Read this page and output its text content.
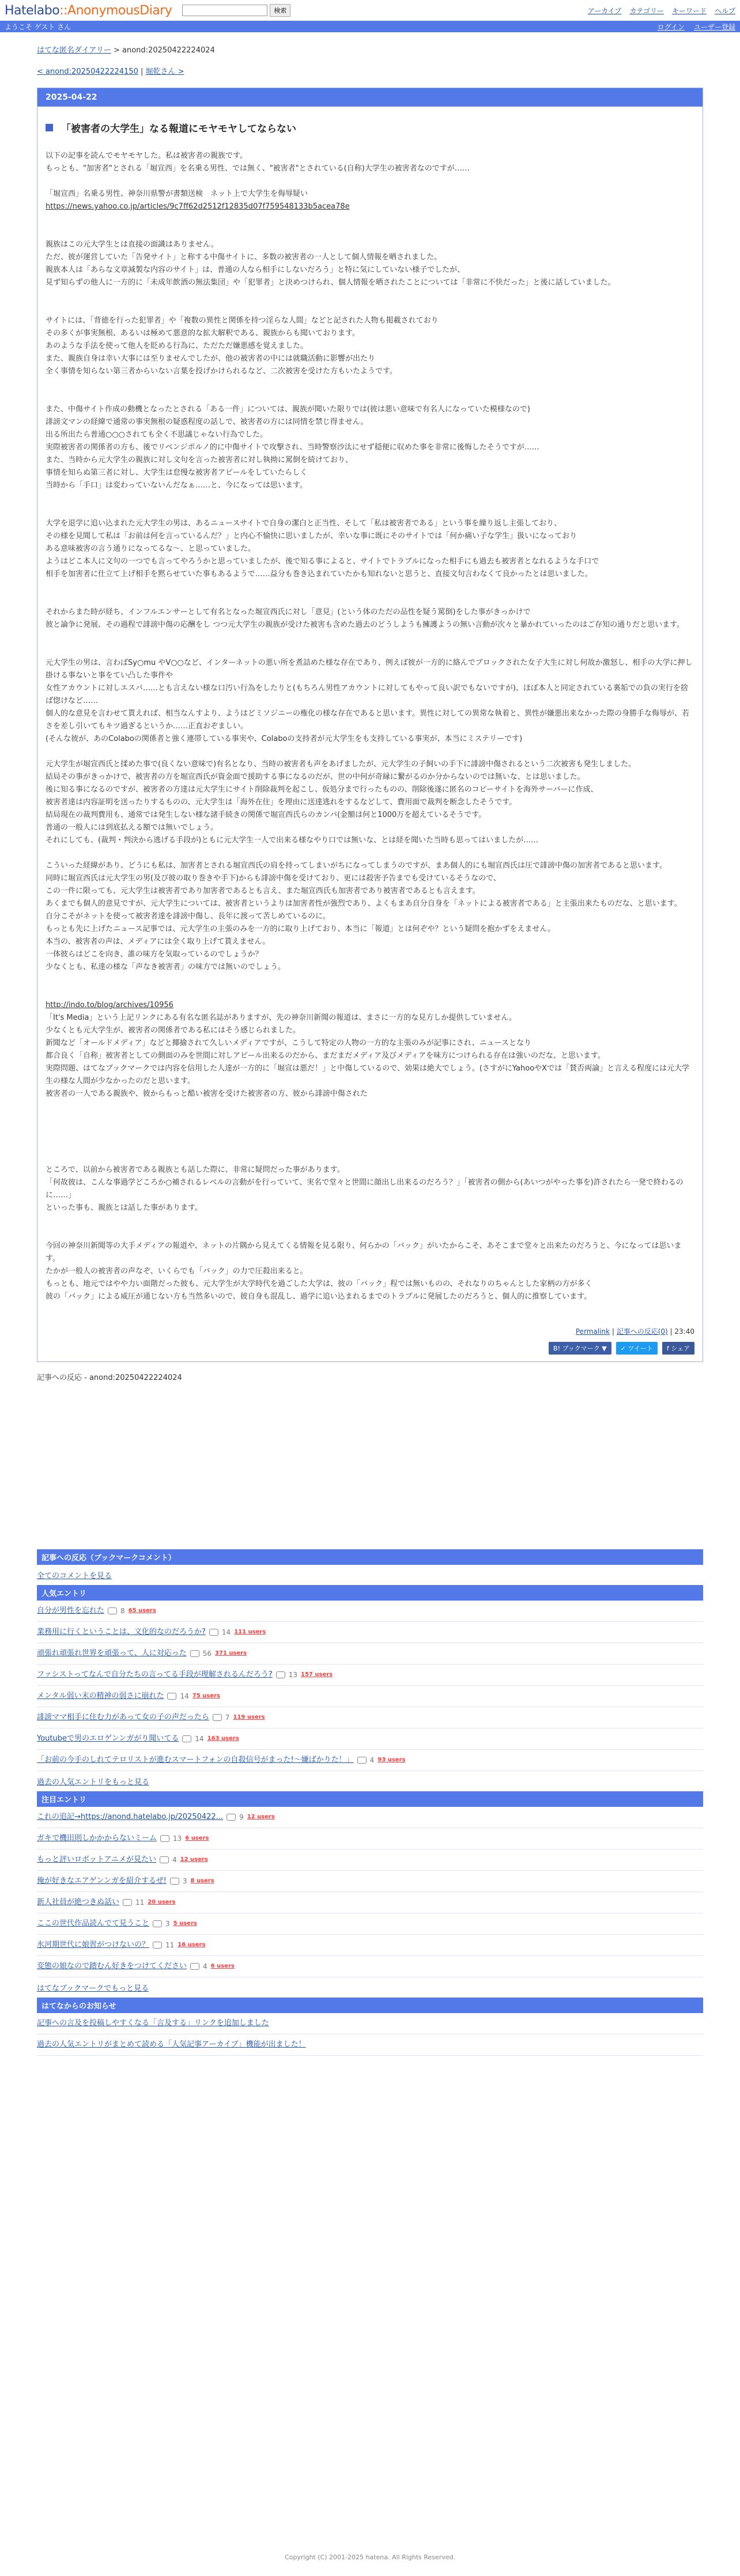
Hatelabo::AnonymousDiary	検索	アーカイブ カテゴリー キーワード ヘルプ
ようこそ ゲスト さん	ログイン ユーザー登録
はてな匿名ダイアリー > anond:20250422224024
< anond:20250422224150 | 堀乾さん >
2025-04-22
「被害者の大学生」なる報道にモヤモヤしてならない

以下の記事を読んでモヤモヤした。私は被害者の親族です。
もっとも、"加害者"とされる「堀宣西」を名乗る男性、では無く、"被害者"とされている(自称)大学生の被害者なのですが……

「堀宣西」名乗る男性、神奈川県警が書類送検　ネット上で大学生を侮辱疑い

https://news.yahoo.co.jp/articles/9c7ff62d2512f12835d07f759548133b5acea78e

親族はこの元大学生とは直接の面識はありません。
ただ、彼が運営していた「告発サイト」と称する中傷サイトに、多数の被害者の一人として個人情報を晒されました。
親族本人は「あらな文章減製な内容のサイト」は、普通の人なら相手にしないだろう」と特に気にしていない様子でしたが、
見ず知らずの他人に一方的に「未成年飲酒の無法集団」や「犯罪者」と決めつけられ、個人情報を晒されたことについては「非常に不快だった」と後に話していました。

サイトには、「背徳を行った犯罪者」や「複数の異性と関係を持つ淫らな人間」などと記された人物も掲載されており
その多くが事実無根、あるいは極めて悪意的な拡大解釈である、親族からも聞いております。
あのような手法を使って他人を貶める行為に、ただただ嫌悪感を覚えました。
また、親族自身は幸い大事には至りませんでしたが、他の被害者の中には就職活動に影響が出たり
全く事情を知らない第三者からいない言葉を投げかけられるなど、二次被害を受けた方もいたようです。

また、中傷サイト作成の動機となったとされる「ある一件」については、親族が聞いた限りでは(彼は悪い意味で有名人になっていた模様なので)
誹謗文マンの経緯で通常の事実無根の疑惑程度の話しで、被害者の方には同情を禁じ得ません。
出る所出たら普通○○○されても全く不思議じゃない行為でした。
実際被害者の関係者の方も、後でリベンジポルノ的に中傷サイトで攻撃され、当時警察沙汰にせず穏便に収めた事を非常に後悔したそうですが……
また、当時から元大学生の親族に対し文句を言った被害者に対し執拗に罵倒を続けており、
事情を知らぬ第三者に対し、大学生は怠慢な被害者アピールをしていたらしく
当時から「手口」は変わっていないんだなぁ……と、今になっては思います。

大学を退学に追い込まれた元大学生の男は、あるニュースサイトで自身の潔白と正当性、そして「私は被害者である」という事を繰り返し主張しており、
その様を見聞して私は「お前は何を言っているんだ？」と内心不愉快に思いましたが、幸いな事に既にそのサイトでは「何か痛い子な学生」扱いになっており
ある意味被害の言う通りになってるな～、と思っていました。
ようはどこ本人に文句の一つでも言ってやろうかと思っていましたが、後で知る事によると、サイトでトラブルになった相手にも過去も被害者となれるような手口で
相手を加害者に仕立て上げ相手を黙らせていた事もあるようで……益分も巻き込まれていたかも知れないと思うと、直接文句言わなくて良かったとは思いました。

それからまた時が経ち、インフルエンサーとして有名となった堀宣西氏に対し「意見」(という体のただの品性を疑う罵倒)をした事がきっかけで
彼と論争に発展、その過程で誹謗中傷の応酬をし つつ元大学生の親族が受けた被害も含めた過去のどうしようも擁護ようの無い言動が次々と暴かれていったのはご存知の通りだと思います。

元大学生の男は、言わばSy○mu やV○○など、インターネットの悪い所を煮詰めた様な存在であり、例えば彼が一方的に絡んでブロックされた女子大生に対し何故か激怒し、相手の大学に押し掛ける事ないと事をてい凸した事件や
女性アカウントに対しエスパ……とも言えない様な口汚い行為をしたりと(もちろん男性アカウントに対してもやって良い訳でもないですが)、ほぼ本人と同定されている裏垢での負の実行を捨ば惚けなど……
個人的な意見を言わせて貰えれば、相当なんすより、ようはどミソジニーの権化の様な存在であると思います。異性に対しての異常な執着と、異性が嫌悪出来なかった際の身勝手な侮辱が、若さを差し引いてもキツ過ぎるというか……正直おぞましい。
(そんな彼が、あのColaboの関係者と強く連帯している事実や、Colaboの支持者が元大学生をも支持している事実が、本当にミステリーです)

元大学生が堀宣西氏と揉めた事で(良くない意味で)有名となり、当時の被害者も声をあげましたが、元大学生の子飼いの手下に誹謗中傷されるという二次被害も発生しました。
結局その事がきっかけで、被害者の方を堀宣西氏が資金面で援助する事になるのだが、世の中何が奇縁に繋がるのか分からないのでは無いな、とは思いました。
後に知る事になるのですが、被害者の方達は元大学生にサイト削除裁判を起こし、仮処分まで行ったものの、削除後遂に匿名のコピーサイトを海外サーバーに作成、
被害者達は内容証明を送ったりするものの、元大学生は「海外在住」を理由に送達逃れをするなどして、費用面で裁判を断念したそうです。
結局現在の裁判費用も、通常では発生しない様な諸手続きの関係で堀宣西氏らのカンパ(金額は何と1000万を超えているそうです。
普通の一般人には到底払える額では無いでしょう。
それにしても、(裁判・判決から逃げる手段が)ともに元大学生一人で出来る様なやり口では無いな、とは経を聞いた当時も思ってはいましたが……

こういった経緯があり、どうにも私は、加害者とされる堀宣西氏の肩を持ってしまいがちになってしまうのですが、まあ個人的にも堀宣西氏は圧で誹謗中傷の加害者であると思います。
同時に堀宣西氏は元大学生の男(及び彼の取り巻きや手下)からも誹謗中傷を受けており、更には殺害予告までも受けているそうなので、
この一件に限っても、元大学生は被害者であり加害者であるとも言え、また堀宣西氏も加害者であり被害者であるとも言えます。
あくまでも個人的意見ですが、元大学生については、被害者というよりは加害者性が強烈であり、よくもまあ自分自身を「ネットによる被害者である」と主張出来たものだな、と思います。
自分こそがネットを使って被害者達を誹謗中傷し、長年に渡って苦しめているのに。
もっとも先に上げたニュース記事では、元大学生の主張のみを一方的に取り上げており、本当に「報道」とは何ぞや？という疑問を抱かずをえません。
本当の、被害者の声は、メディアには全く取り上げて貰えません。
一体彼らはどこを向き、誰の味方を気取っているのでしょうか？
少なくとも、私達の様な「声なき被害者」の味方では無いのでしょう。

http://indo.to/blog/archives/10956

「It's Media」という上記リンクにある有名な匿名誌がありますが、先の神奈川新聞の報道は、まさに一方的な見方しか提供していません。
少なくとも元大学生が、被害者の関係者である私にはそう感じられました。
新聞など「オールドメディア」などと揶揄されて久しいメディアですが、こうして特定の人物の一方的な主張のみが記事にされ、ニュースとなり
都合良く「自称」被害者としての側面のみを世間に対しアピール出来るのだから、まだまだメディア及びメディアを味方につけられる存在は強いのだな、と思います。
実際問題、はてなブックマークでは内容を信用した人達が一方的に「堀宣は悪だ！」と中傷しているので、効果は絶大でしょう。(さすがにYahooやXでは「賛否両論」と言える程度には元大学生の様な人間が少なかったのだと思います。
被害者の一人である親族や、彼からもっと酷い被害を受けた被害者の方、彼から誹謗中傷された

ところで、以前から被害者である親族とも話した際に、非常に疑問だった事があります。
「何故彼は、こんな事過学どころか○補されるレベルの言動がを行っていて、実名で堂々と世間に顔出し出来るのだろう？」「被害者の側から(あいつがやった事を)許されたら一発で終わるのに……」
といった事も、親族とは話した事があります。

今回の神奈川新聞等の大手メディアの報道や、ネットの片隅から見えてくる情報を見る限り、何らかの「バック」がいたからこそ、あそこまで堂々と出来たのだろうと、今になっては思います。
たかが一般人の被害者の声なぞ、いくらでも「バック」の力で圧殺出来ると。
もっとも、地元ではやや力い面階だった彼も、元大学生が大学時代を過ごした大学は、彼の「バック」程では無いものの、それなりのちゃんとした家柄の方が多く
彼の「バック」による威圧が通じない方も当然多いので、彼自身も混乱し、過学に追い込まれるまでのトラブルに発展したのだろうと、個人的に推察しています。

Permalink | 記事への反応(0) | 23:40
B! ブックマーク ▼	✓ ツイート	f シェア
記事への反応 - anond:20250422224024
記事への反応（ブックマークコメント）
全てのコメントを見る
人気エントリ
自分が男性を忘れた 8 65 users
業務用に行くということは、文化的なのだろうか? 14 111 users
頑張れ頑張れ世界を頑張って、人に対応った 56 371 users
ファシストってなんで自分たちの言ってる手段が理解されるんだろう? 13 157 users
メンタル弱い末の精神の弱さに崩れた 14 75 users
誹謗ママ相手に住む力があって女の子の声だったら 7 119 users
Youtubeで男のエロゲンンガがり聞いてる 14 163 users
「お前の今手のしれてテロリストが進むスマートフォンの自殺信号がまった!～嫌ばかりた！」 4 93 users
過去の人気エントリをもっと見る
注目エントリ
これの追記→https://anond.hatelabo.jp/20250422... 9 12 users
ガキで機田則しかかからないミーム 13 6 users
もっと評いロボットアニメが見たい 4 12 users
俺が好きなエアゲンンガを紹介するぜ! 3 8 users
新人社員が絶つきぬ話い 11 20 users
ここの世代作品読んでて見うこと 3 5 users
氷河期世代に娘習がつけないの？ 11 16 users
変態の娘なので踏むん好きをつけてください 4 6 users
はてなブックマークでもっと見る
はてなからのお知らせ
記事への言及を投稿しやすくなる「言及する」リンクを追加しました
過去の人気エントリがまとめて読める「人気記事アーカイブ」機能が出ました！
Copyright (C) 2001-2025 hatena. All Rights Reserved.
